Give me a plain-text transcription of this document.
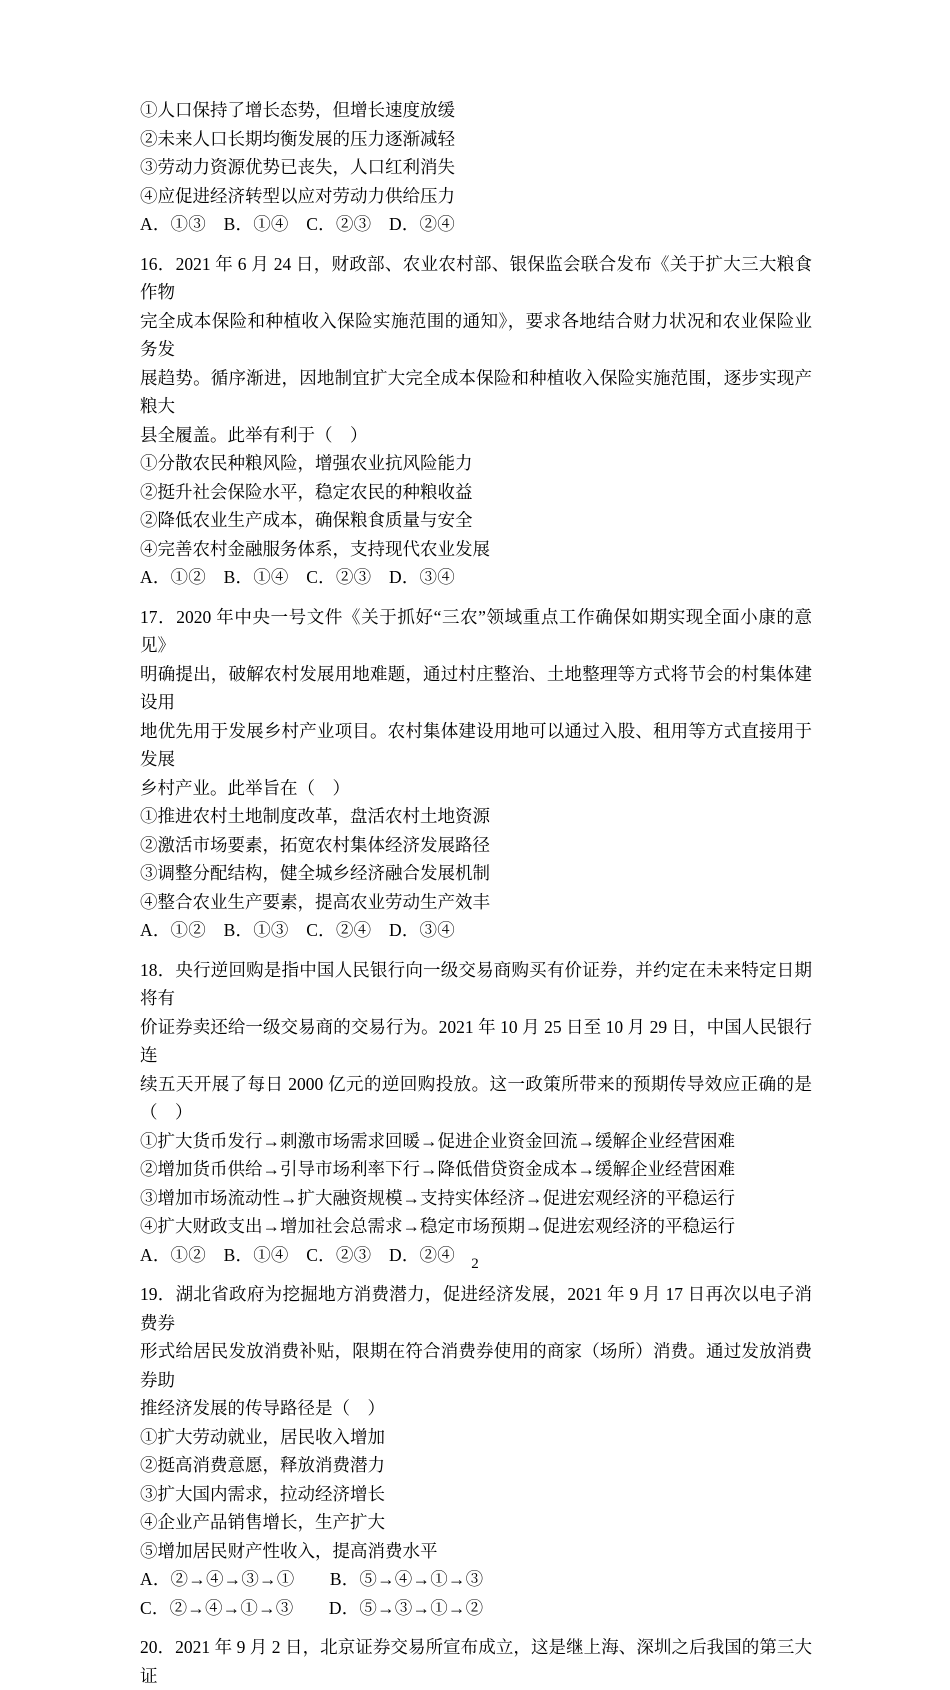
①人口保持了增长态势，但增长速度放缓
②未来人口长期均衡发展的压力逐渐减轻
③劳动力资源优势已丧失，人口红利消失
④应促进经济转型以应对劳动力供给压力
A．①③　B．①④　C．②③　D．②④
16．2021 年 6 月 24 日，财政部、农业农村部、银保监会联合发布《关于扩大三大粮食作物
完全成本保险和种植收入保险实施范围的通知》，要求各地结合财力状况和农业保险业务发
展趋势。循序渐进，因地制宜扩大完全成本保险和种植收入保险实施范围，逐步实现产粮大
县全履盖。此举有利于（　）
①分散农民种粮风险，增强农业抗风险能力
②挺升社会保险水平，稳定农民的种粮收益
②降低农业生产成本，确保粮食质量与安全
④完善农村金融服务体系，支持现代农业发展
A．①②　B．①④　C．②③　D．③④
17．2020 年中央一号文件《关于抓好“三农”领域重点工作确保如期实现全面小康的意见》
明确提出，破解农村发展用地难题，通过村庄整治、土地整理等方式将节会的村集体建设用
地优先用于发展乡村产业项目。农村集体建设用地可以通过入股、租用等方式直接用于发展
乡村产业。此举旨在（　）
①推进农村土地制度改革，盘活农村土地资源
②激活市场要素，拓宽农村集体经济发展路径
③调整分配结构，健全城乡经济融合发展机制
④整合农业生产要素，提高农业劳动生产效丰
A．①②　B．①③　C．②④　D．③④
18．央行逆回购是指中国人民银行向一级交易商购买有价证券，并约定在未来特定日期将有
价证券卖还给一级交易商的交易行为。2021 年 10 月 25 日至 10 月 29 日，中国人民银行连
续五天开展了每日 2000 亿元的逆回购投放。这一政策所带来的预期传导效应正确的是（　）
①扩大货币发行→刺激市场需求回暖→促进企业资金回流→缓解企业经营困难
②增加货币供给→引导市场利率下行→降低借贷资金成本→缓解企业经营困难
③增加市场流动性→扩大融资规模→支持实体经济→促进宏观经济的平稳运行
④扩大财政支出→增加社会总需求→稳定市场预期→促进宏观经济的平稳运行
A．①②　B．①④　C．②③　D．②④
19．湖北省政府为挖掘地方消费潜力，促进经济发展，2021 年 9 月 17 日再次以电子消费券
形式给居民发放消费补贴，限期在符合消费券使用的商家（场所）消费。通过发放消费券助
推经济发展的传导路径是（　）
①扩大劳动就业，居民收入增加
②挺高消费意愿，释放消费潜力
③扩大国内需求，拉动经济增长
④企业产品销售增长，生产扩大
⑤增加居民财产性收入，提高消费水平
A．②→④→③→①　　B．⑤→④→①→③
C．②→④→①→③　　D．⑤→③→①→②
20．2021 年 9 月 2 日，北京证券交易所宣布成立，这是继上海、深圳之后我国的第三大证
2
